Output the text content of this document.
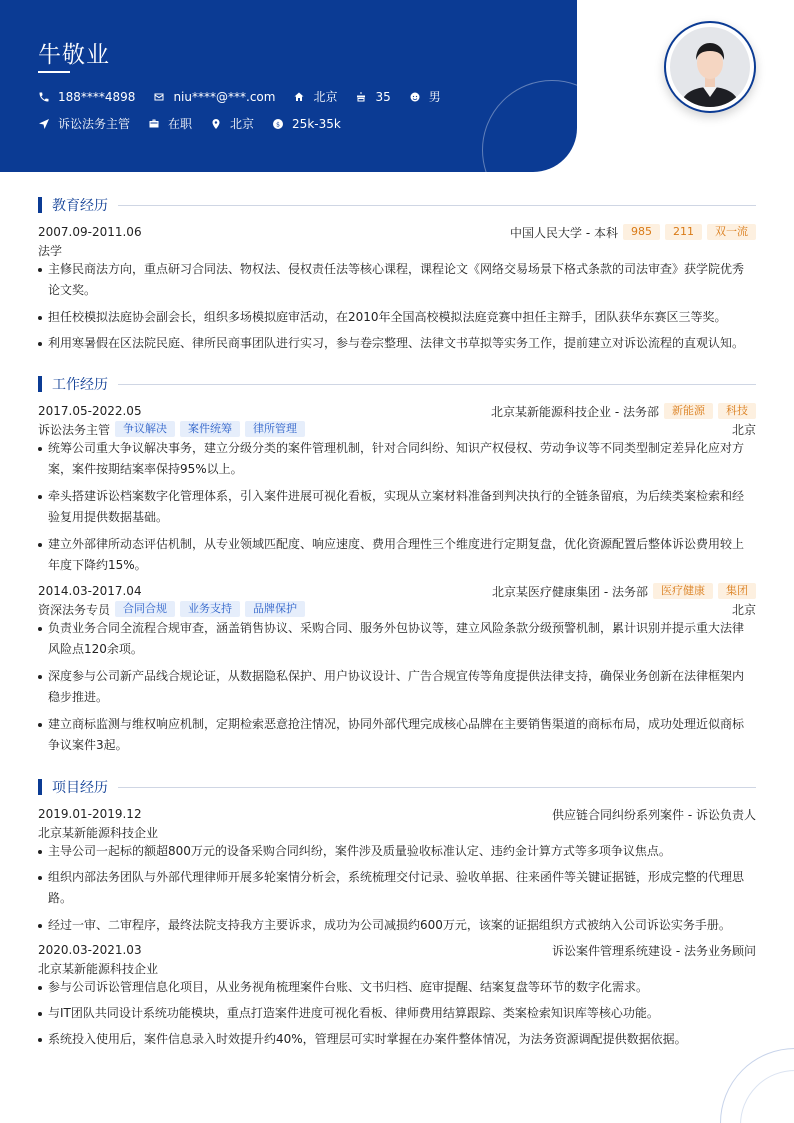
牛敬业
188****4898	niu****@***.com	北京	35	男
诉讼法务主管	在职	北京 $ 25k-35k
教育经历
2007.09-2011.06	中国人民大学 - 本科	985	211	双一流
法学
主修民商法方向，重点研习合同法、物权法、侵权责任法等核心课程，课程论文《网络交易场景下格式条款的司法审查》获学院优秀论文奖。
担任校模拟法庭协会副会长，组织多场模拟庭审活动，在2010年全国高校模拟法庭竞赛中担任主辩手，团队获华东赛区三等奖。
利用寒暑假在区法院民庭、律所民商事团队进行实习，参与卷宗整理、法律文书草拟等实务工作，提前建立对诉讼流程的直观认知。
工作经历
2017.05-2022.05	北京某新能源科技企业 - 法务部	新能源	科技
诉讼法务主管	争议解决	案件统筹	律所管理	北京
统筹公司重大争议解决事务，建立分级分类的案件管理机制，针对合同纠纷、知识产权侵权、劳动争议等不同类型制定差异化应对方案，案件按期结案率保持95%以上。
牵头搭建诉讼档案数字化管理体系，引入案件进展可视化看板，实现从立案材料准备到判决执行的全链条留痕，为后续类案检索和经验复用提供数据基础。
建立外部律所动态评估机制，从专业领域匹配度、响应速度、费用合理性三个维度进行定期复盘，优化资源配置后整体诉讼费用较上年度下降约15%。
2014.03-2017.04	北京某医疗健康集团 - 法务部	医疗健康	集团
资深法务专员	合同合规	业务支持	品牌保护	北京
负责业务合同全流程合规审查，涵盖销售协议、采购合同、服务外包协议等，建立风险条款分级预警机制，累计识别并提示重大法律风险点120余项。
深度参与公司新产品线合规论证，从数据隐私保护、用户协议设计、广告合规宣传等角度提供法律支持，确保业务创新在法律框架内稳步推进。
建立商标监测与维权响应机制，定期检索恶意抢注情况，协同外部代理完成核心品牌在主要销售渠道的商标布局，成功处理近似商标争议案件3起。
项目经历
2019.01-2019.12	供应链合同纠纷系列案件 - 诉讼负责人
北京某新能源科技企业
主导公司一起标的额超800万元的设备采购合同纠纷，案件涉及质量验收标准认定、违约金计算方式等多项争议焦点。
组织内部法务团队与外部代理律师开展多轮案情分析会，系统梳理交付记录、验收单据、往来函件等关键证据链，形成完整的代理思路。
经过一审、二审程序，最终法院支持我方主要诉求，成功为公司减损约600万元，该案的证据组织方式被纳入公司诉讼实务手册。
2020.03-2021.03	诉讼案件管理系统建设 - 法务业务顾问
北京某新能源科技企业
参与公司诉讼管理信息化项目，从业务视角梳理案件台账、文书归档、庭审提醒、结案复盘等环节的数字化需求。
与IT团队共同设计系统功能模块，重点打造案件进度可视化看板、律师费用结算跟踪、类案检索知识库等核心功能。
系统投入使用后，案件信息录入时效提升约40%，管理层可实时掌握在办案件整体情况，为法务资源调配提供数据依据。
